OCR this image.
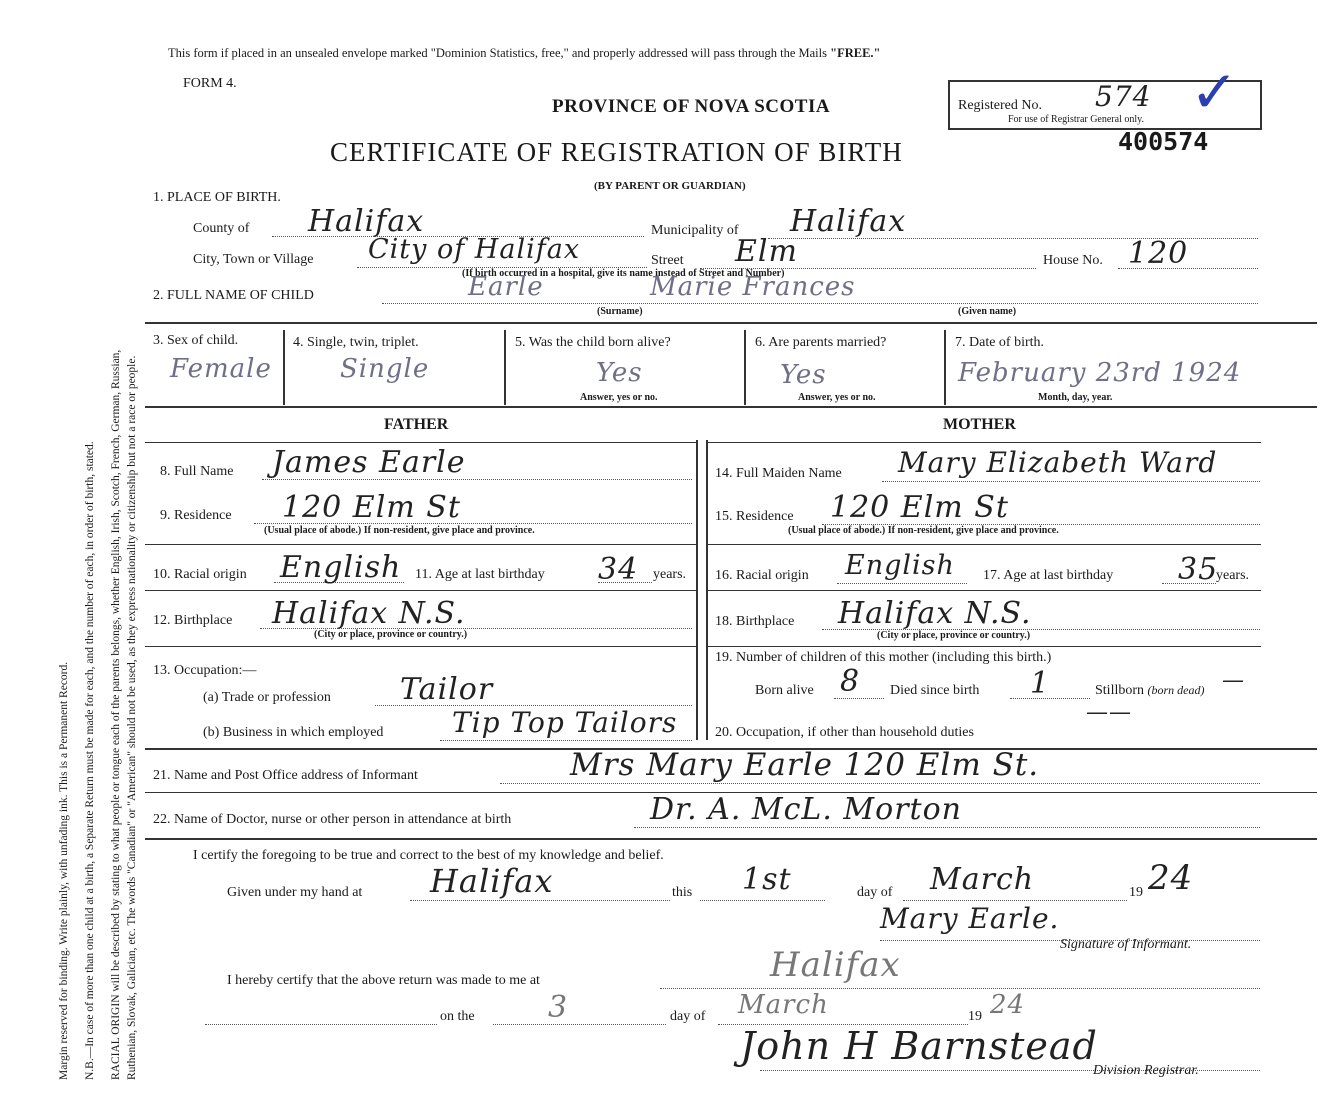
Margin reserved for binding. Write plainly, with unfading ink. This is a Permanent Record. N.B.—In case of more than one child at a birth, a Separate Return must be made for each, and the number of each, in order of birth, stated. RACIAL ORIGIN will be described by stating to what people or tongue each of the parents belongs, whether English, Irish, Scotch, French, German, Russian, Ruthenian, Slovak, Galician, etc. The words "Canadian" or "American" should not be used, as they express nationality or citizenship but not a race or people.
This form if placed in an unsealed envelope marked "Dominion Statistics, free," and properly addressed will pass through the Mails "FREE."
FORM 4.
PROVINCE OF NOVA SCOTIA
CERTIFICATE OF REGISTRATION OF BIRTH
(BY PARENT OR GUARDIAN)
Registered No. 574
For use of Registrar General only. ✓
400574
1. PLACE OF BIRTH.
County of Halifax	Municipality of Halifax
City, Town or Village City of Halifax	Street Elm	House No. 120
(If birth occurred in a hospital, give its name instead of Street and Number)
2. FULL NAME OF CHILD	Earle	Marie Frances
(Surname)	(Given name)
3. Sex of child.
Female
4. Single, twin, triplet.
Single
5. Was the child born alive?
Yes
Answer, yes or no.
6. Are parents married?
Yes
Answer, yes or no.
7. Date of birth.
February 23rd 1924
Month, day, year.
FATHER	MOTHER
8. Full Name James Earle
9. Residence 120 Elm St
(Usual place of abode.) If non-resident, give place and province.
10. Racial origin English 11. Age at last birthday 34 years.
12. Birthplace Halifax N.S.
(City or place, province or country.)
13. Occupation:—
(a) Trade or profession Tailor
(b) Business in which employed Tip Top Tailors
14. Full Maiden Name Mary Elizabeth Ward
15. Residence 120 Elm St
(Usual place of abode.) If non-resident, give place and province.
16. Racial origin English 17. Age at last birthday 35
years.
18. Birthplace Halifax N.S.
(City or place, province or country.)
19. Number of children of this mother (including this birth.)
Born alive 8 Died since birth 1	Stillborn (born dead) —
20. Occupation, if other than household duties
——
21. Name and Post Office address of Informant	Mrs Mary Earle 120 Elm St.
22. Name of Doctor, nurse or other person in attendance at birth	Dr. A. McL. Morton
I certify the foregoing to be true and correct to the best of my knowledge and belief.
Given under my hand at Halifax	this 1st	day of March	19 24
Mary Earle.
Signature of Informant.
I hereby certify that the above return was made to me at	Halifax
on the 3	day of March	19 24
John H Barnstead
Division Registrar.
